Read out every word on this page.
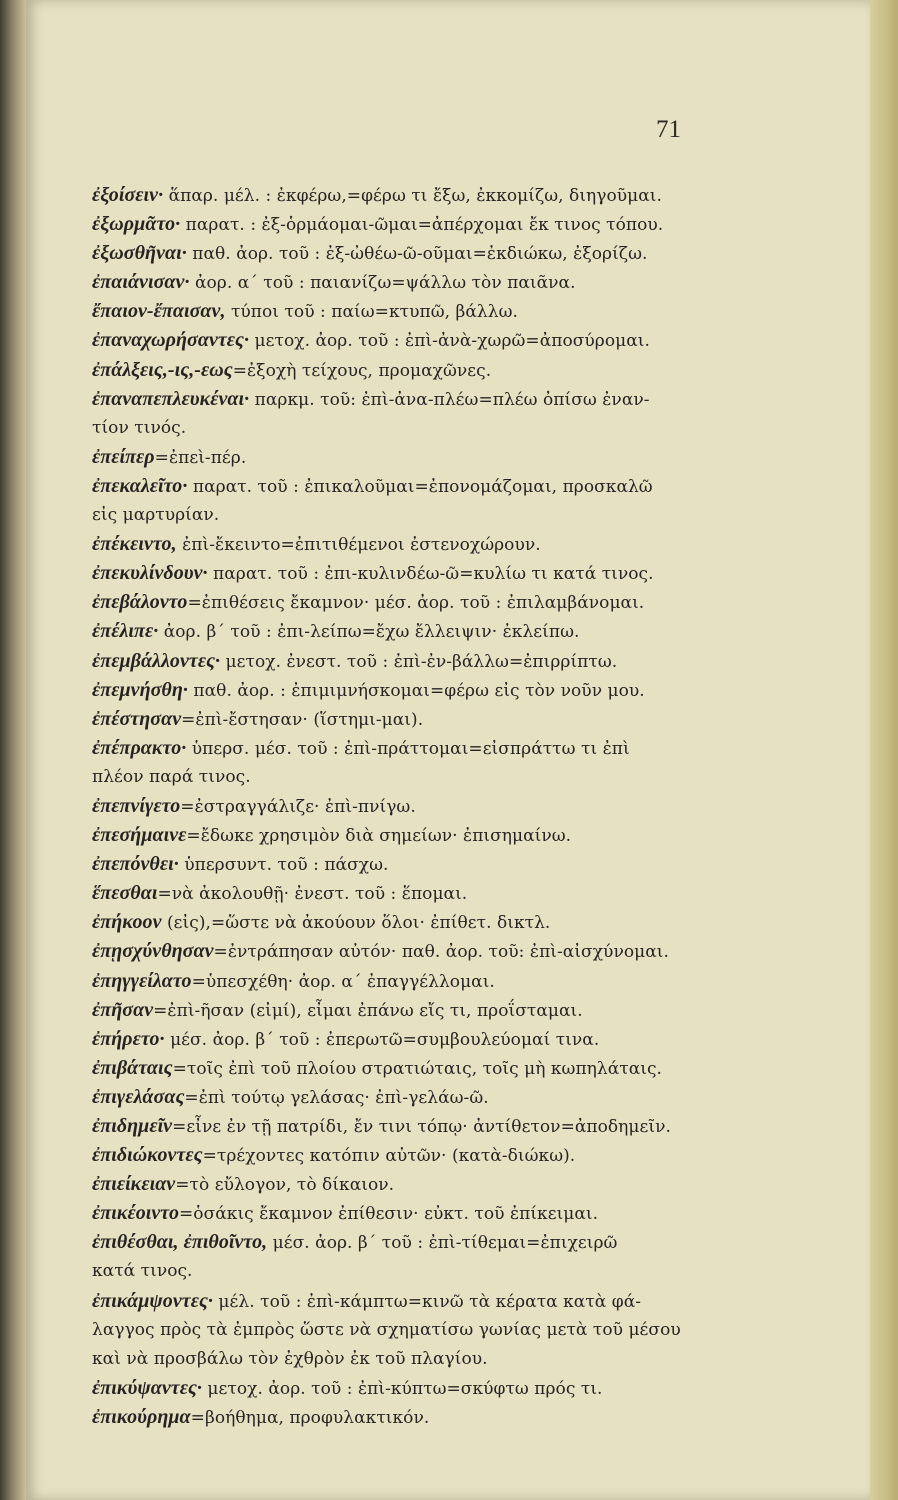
71
ἐξοίσειν· ἅπαρ. μέλ. : ἐκφέρω,=φέρω τι ἔξω, ἐκκομίζω, διηγοῦμαι.
ἐξωρμᾶτο· παρατ. : ἐξ-ὁρμάομαι-ῶμαι=ἀπέρχομαι ἔκ τινος τόπου.
ἐξωσθῆναι· παθ. ἀορ. τοῦ : ἐξ-ὠθέω-ῶ-οῦμαι=ἐκδιώκω, ἐξορίζω.
ἐπαιάνισαν· ἀορ. α΄ τοῦ : παιανίζω=ψάλλω τὸν παιᾶνα.
ἔπαιον-ἔπαισαν, τύποι τοῦ : παίω=κτυπῶ, βάλλω.
ἐπαναχωρήσαντες· μετοχ. ἀορ. τοῦ : ἐπὶ-ἀνὰ-χωρῶ=ἀποσύρομαι.
ἐπάλξεις,-ις,-εως=ἐξοχὴ τείχους, προμαχῶνες.
ἐπαναπεπλευκέναι· παρκμ. τοῦ: ἐπὶ-ἀνα-πλέω=πλέω ὀπίσω ἐναν-
τίον τινός.
ἐπείπερ=ἐπεὶ-πέρ.
ἐπεκαλεῖτο· παρατ. τοῦ : ἐπικαλοῦμαι=ἐπονομάζομαι, προσκαλῶ
εἰς μαρτυρίαν.
ἐπέκειντο, ἐπὶ-ἔκειντο=ἐπιτιθέμενοι ἐστενοχώρουν.
ἐπεκυλίνδουν· παρατ. τοῦ : ἐπι-κυλινδέω-ῶ=κυλίω τι κατά τινος.
ἐπεβάλοντο=ἐπιθέσεις ἔκαμνον· μέσ. ἀορ. τοῦ : ἐπιλαμβάνομαι.
ἐπέλιπε· ἀορ. β΄ τοῦ : ἐπι-λείπω=ἔχω ἔλλειψιν· ἐκλείπω.
ἐπεμβάλλοντες· μετοχ. ἐνεστ. τοῦ : ἐπὶ-ἐν-βάλλω=ἐπιρρίπτω.
ἐπεμνήσθη· παθ. ἀορ. : ἐπιμιμνήσκομαι=φέρω εἰς τὸν νοῦν μου.
ἐπέστησαν=ἐπὶ-ἔστησαν· (ἵστημι-μαι).
ἐπέπρακτο· ὑπερσ. μέσ. τοῦ : ἐπὶ-πράττομαι=εἰσπράττω τι ἐπὶ
πλέον παρά τινος.
ἐπεπνίγετο=ἐστραγγάλιζε· ἐπὶ-πνίγω.
ἐπεσήμαινε=ἔδωκε χρησιμὸν διὰ σημείων· ἐπισημαίνω.
ἐπεπόνθει· ὑπερσυντ. τοῦ : πάσχω.
ἕπεσθαι=νὰ ἀκολουθῇ· ἐνεστ. τοῦ : ἕπομαι.
ἐπήκοον (εἰς),=ὥστε νὰ ἀκούουν ὅλοι· ἐπίθετ. δικτλ.
ἐπῃσχύνθησαν=ἐντράπησαν αὐτόν· παθ. ἀορ. τοῦ: ἐπὶ-αἰσχύνομαι.
ἐπηγγείλατο=ὑπεσχέθη· ἀορ. α΄ ἐπαγγέλλομαι.
ἐπῆσαν=ἐπὶ-ῆσαν (εἰμί), εἶμαι ἐπάνω εἴς τι, προΐσταμαι.
ἐπήρετο· μέσ. ἀορ. β΄ τοῦ : ἐπερωτῶ=συμβουλεύομαί τινα.
ἐπιβάταις=τοῖς ἐπὶ τοῦ πλοίου στρατιώταις, τοῖς μὴ κωπηλάταις.
ἐπιγελάσας=ἐπὶ τούτῳ γελάσας· ἐπὶ-γελάω-ῶ.
ἐπιδημεῖν=εἶνε ἐν τῇ πατρίδι, ἔν τινι τόπῳ· ἀντίθετον=ἀποδημεῖν.
ἐπιδιώκοντες=τρέχοντες κατόπιν αὐτῶν· (κατὰ-διώκω).
ἐπιείκειαν=τὸ εὔλογον, τὸ δίκαιον.
ἐπικέοιντο=ὁσάκις ἔκαμνον ἐπίθεσιν· εὐκτ. τοῦ ἐπίκειμαι.
ἐπιθέσθαι, ἐπιθοῖντο, μέσ. ἀορ. β΄ τοῦ : ἐπὶ-τίθεμαι=ἐπιχειρῶ
κατά τινος.
ἐπικάμψοντες· μέλ. τοῦ : ἐπὶ-κάμπτω=κινῶ τὰ κέρατα κατὰ φά-
λαγγος πρὸς τὰ ἐμπρὸς ὥστε νὰ σχηματίσω γωνίας μετὰ τοῦ μέσου
καὶ νὰ προσβάλω τὸν ἐχθρὸν ἐκ τοῦ πλαγίου.
ἐπικύψαντες· μετοχ. ἀορ. τοῦ : ἐπὶ-κύπτω=σκύφτω πρός τι.
ἐπικούρημα=βοήθημα, προφυλακτικόν.
